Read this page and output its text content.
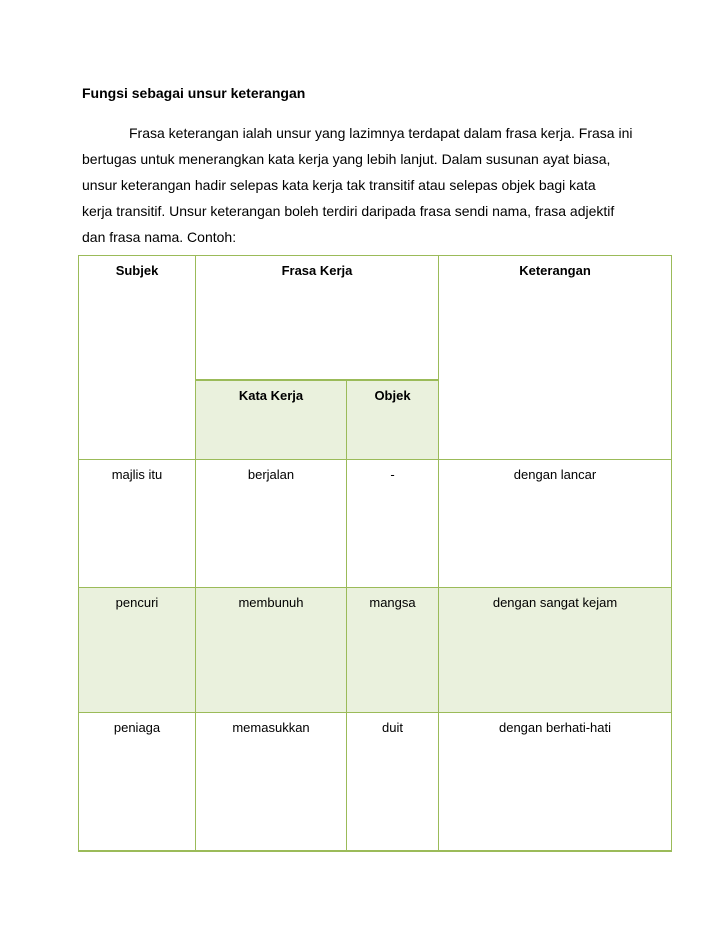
Fungsi sebagai unsur keterangan

Frasa keterangan ialah unsur yang lazimnya terdapat dalam frasa kerja. Frasa ini
bertugas untuk menerangkan kata kerja yang lebih lanjut. Dalam susunan ayat biasa,
unsur keterangan hadir selepas kata kerja tak transitif atau selepas objek bagi kata
kerja transitif. Unsur keterangan boleh terdiri daripada frasa sendi nama, frasa adjektif
dan frasa nama. Contoh:

Subjek	Frasa Kerja	Keterangan
Kata Kerja	Objek
majlis itu	berjalan	-	dengan lancar
pencuri	membunuh	mangsa	dengan sangat kejam
peniaga	memasukkan	duit	dengan berhati-hati
